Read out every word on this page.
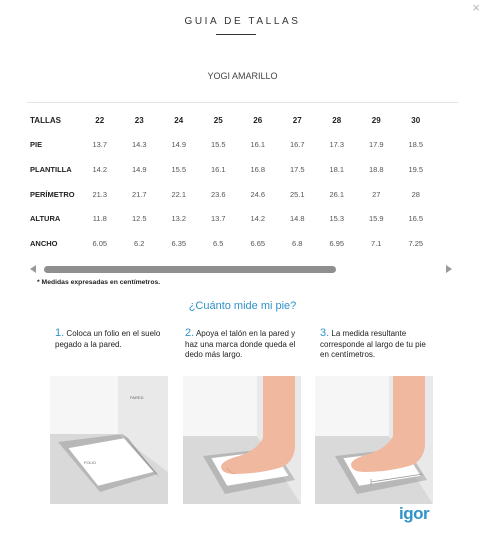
×
GUIA DE TALLAS
YOGI AMARILLO
TALLAS	22	23	24	25	26	27	28	29	30
PIE	13.7	14.3	14.9	15.5	16.1	16.7	17.3	17.9	18.5
PLANTILLA	14.2	14.9	15.5	16.1	16.8	17.5	18.1	18.8	19.5
PERÍMETRO	21.3	21.7	22.1	23.6	24.6	25.1	26.1	27	28
ALTURA	11.8	12.5	13.2	13.7	14.2	14.8	15.3	15.9	16.5
ANCHO	6.05	6.2	6.35	6.5	6.65	6.8	6.95	7.1	7.25
* Medidas expresadas en centímetros.
¿Cuánto mide mi pie?
1. Coloca un folio en el suelo pegado a la pared.
2. Apoya el talón en la pared y haz una marca donde queda el dedo más largo.
3. La medida resultante corresponde al largo de tu pie en centímetros.
PARED
FOLIO
igor
